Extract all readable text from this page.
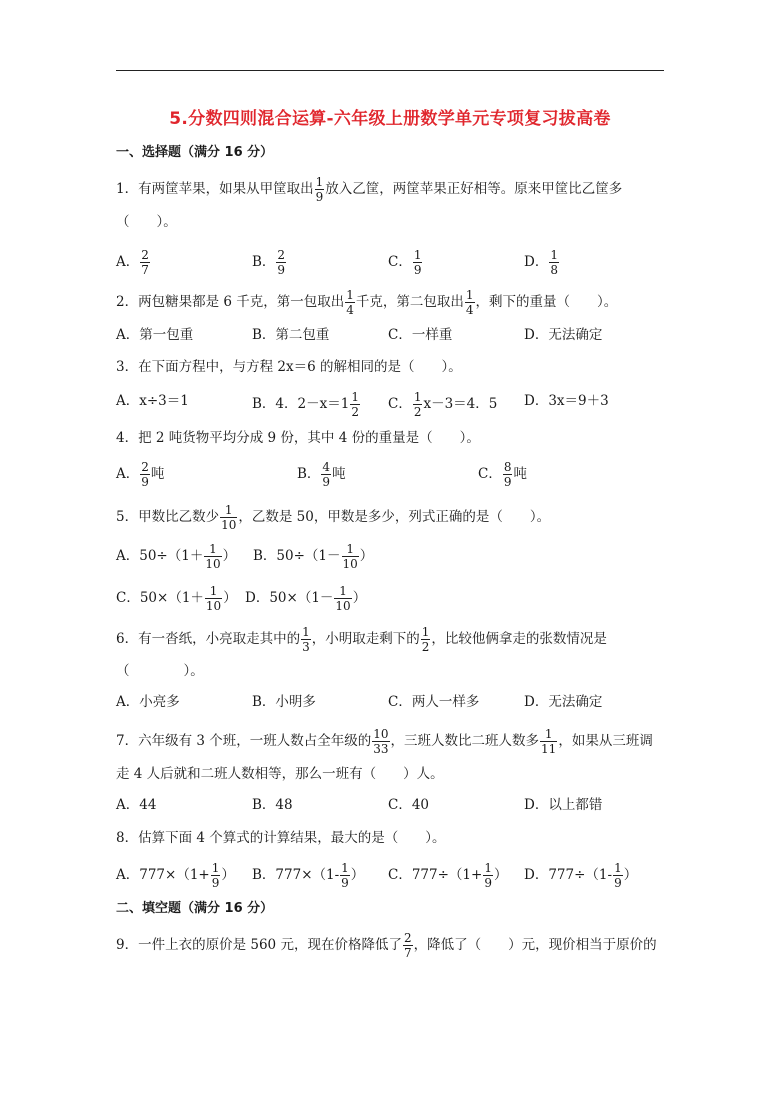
5.分数四则混合运算-六年级上册数学单元专项复习拔高卷
一、选择题（满分 16 分）
1．有两筐苹果，如果从甲筐取出 $\frac{1}{9}$ 放入乙筐，两筐苹果正好相等。原来甲筐比乙筐多
（　　）。
A． $\frac{2}{7}$	B． $\frac{2}{9}$	C． $\frac{1}{9}$	D． $\frac{1}{8}$
2．两包糖果都是 6 千克，第一包取出 $\frac{1}{4}$ 千克，第二包取出 $\frac{1}{4}$ ，剩下的重量（　　）。
A．第一包重	B．第二包重	C．一样重	D．无法确定
3．在下面方程中，与方程 2x＝6 的解相同的是（　　）。
A．x÷3＝1	B．4．$2-x=1 \frac{1}{2}$ C． $\frac{1}{2} x-3=4$．5 D．3x＝9＋3
4．把 2 吨货物平均分成 9 份，其中 4 份的重量是（　　）。
A． $\frac{2}{9}$ 吨	B． $\frac{4}{9}$ 吨	C． $\frac{8}{9}$ 吨
5．甲数比乙数少 $\frac{1}{10}$ ，乙数是 50，甲数是多少，列式正确的是（　　）。
A．$50\div(1+ \frac{1}{10}$ ） B．$50\div(1- \frac{1}{10}$ ）
C．$50\times(1+ \frac{1}{10}$ ） D．$50\times(1- \frac{1}{10}$ ）
6．有一沓纸，小亮取走其中的 $\frac{1}{3}$ ，小明取走剩下的 $\frac{1}{2}$ ，比较他俩拿走的张数情况是
（　　　　）。
A．小亮多	B．小明多	C．两人一样多	D．无法确定
7．六年级有 3 个班，一班人数占全年级的 $\frac{10}{33}$ ，三班人数比二班人数多 $\frac{1}{11}$ ，如果从三班调
走 4 人后就和二班人数相等，那么一班有（　　）人。
A．44	B．48	C．40	D．以上都错
8．估算下面 4 个算式的计算结果，最大的是（　　）。
A．$777\times(1+ \frac{1}{9}$ ） B．$777\times(1- \frac{1}{9}$ ） C．$777\div(1+ \frac{1}{9}$ ） D．$777\div(1- \frac{1}{9}$ ）
二、填空题（满分 16 分）
9．一件上衣的原价是 560 元，现在价格降低了 $\frac{2}{7}$ ，降低了（　　）元，现价相当于原价的
